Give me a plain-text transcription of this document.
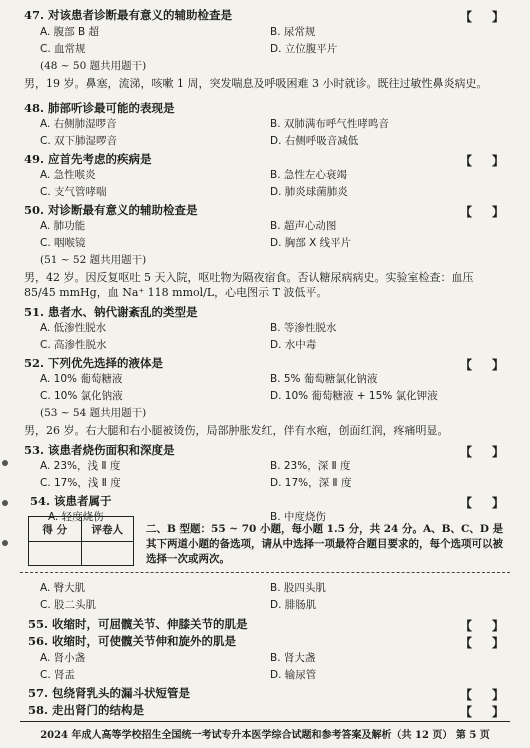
47. 对该患者诊断最有意义的辅助检查是	【 】
A. 腹部 B 超	B. 尿常规
C. 血常规	D. 立位腹平片
(48 ~ 50 题共用题干)
男，19 岁。鼻塞，流涕，咳嗽 1 周，突发喘息及呼吸困难 3 小时就诊。既往过敏性鼻炎病史。
48. 肺部听诊最可能的表现是
A. 右侧肺湿啰音	B. 双肺满布呼气性哮鸣音
C. 双下肺湿啰音	D. 右侧呼吸音减低
49. 应首先考虑的疾病是	【 】
A. 急性喉炎	B. 急性左心衰竭
C. 支气管哮喘	D. 肺炎球菌肺炎
50. 对诊断最有意义的辅助检查是	【 】
A. 肺功能	B. 超声心动图
C. 咽喉镜	D. 胸部 X 线平片
(51 ~ 52 题共用题干)
男，42 岁。因反复呕吐 5 天入院，呕吐物为隔夜宿食。否认糖尿病病史。实验室检查：血压 85/45 mmHg，血 Na⁺ 118 mmol/L，心电图示 T 波低平。
51. 患者水、钠代谢紊乱的类型是
A. 低渗性脱水	B. 等渗性脱水
C. 高渗性脱水	D. 水中毒
52. 下列优先选择的液体是	【 】
A. 10% 葡萄糖液	B. 5% 葡萄糖氯化钠液
C. 10% 氯化钠液	D. 10% 葡萄糖液 + 15% 氯化钾液
(53 ~ 54 题共用题干)
男，26 岁。右大腿和右小腿被烫伤，局部肿胀发红，伴有水疱，创面红润，疼痛明显。
53. 该患者烧伤面积和深度是	【 】
A. 23%，浅 Ⅱ 度	B. 23%，深 Ⅱ 度
C. 17%，浅 Ⅱ 度	D. 17%，深 Ⅱ 度
54. 该患者属于	【 】
A. 轻度烧伤	B. 中度烧伤
得 分	评卷人	二、B 型题：55 ~ 70 小题，每小题 1.5 分，共 24 分。A、B、C、D 是其下两道小题的备选项，请从中选择一项最符合题目要求的，每个选项可以被选择一次或两次。
A. 臀大肌	B. 股四头肌
C. 股二头肌	D. 腓肠肌
55. 收缩时，可屈髋关节、伸膝关节的肌是	【 】
56. 收缩时，可使髋关节伸和旋外的肌是	【 】
A. 肾小盏	B. 肾大盏
C. 肾盂	D. 输尿管
57. 包绕肾乳头的漏斗状短管是	【 】
58. 走出肾门的结构是	【 】
2024 年成人高等学校招生全国统一考试专升本医学综合试题和参考答案及解析（共 12 页） 第 5 页
